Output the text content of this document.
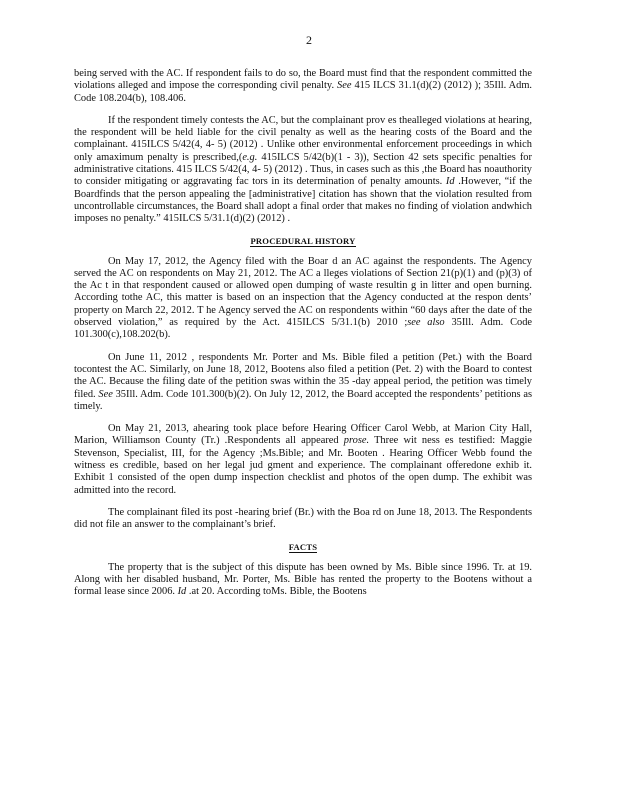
2

being served with the AC. If respondent fails to do so, the Board must find that the respondent committed the violations alleged and impose the corresponding civil penalty. See 415 ILCS 31.1(d)(2) (2012) ); 35Ill. Adm. Code 108.204(b), 108.406.

If the respondent timely contests the AC, but the complainant prov es thealleged violations at hearing, the respondent will be held liable for the civil penalty as well as the hearing costs of the Board and the complainant. 415ILCS 5/42(4, 4- 5) (2012) . Unlike other environmental enforcement proceedings in which only amaximum penalty is prescribed,(e.g. 415ILCS 5/42(b)(1 - 3)), Section 42 sets specific penalties for administrative citations. 415 ILCS 5/42(4, 4- 5) (2012) . Thus, in cases such as this ,the Board has noauthority to consider mitigating or aggravating fac tors in its determination of penalty amounts. Id .However, “if the Boardfinds that the person appealing the [administrative] citation has shown that the violation resulted from uncontrollable circumstances, the Board shall adopt a final order that makes no finding of violation andwhich imposes no penalty.” 415ILCS 5/31.1(d)(2) (2012) .

PROCEDURAL HISTORY

On May 17, 2012, the Agency filed with the Boar d an AC against the respondents. The Agency served the AC on respondents on May 21, 2012. The AC a lleges violations of Section 21(p)(1) and (p)(3) of the Ac t in that respondent caused or allowed open dumping of waste resultin g in litter and open burning. According tothe AC, this matter is based on an inspection that the Agency conducted at the respon dents’ property on March 22, 2012. T he Agency served the AC on respondents within “60 days after the date of the observed violation,” as required by the Act. 415ILCS 5/31.1(b) 2010 ;see also 35Ill. Adm. Code 101.300(c),108.202(b).

On June 11, 2012 , respondents Mr. Porter and Ms. Bible filed a petition (Pet.) with the Board tocontest the AC. Similarly, on June 18, 2012, Bootens also filed a petition (Pet. 2) with the Board to contest the AC. Because the filing date of the petition swas within the 35 -day appeal period, the petition was timely filed. See 35Ill. Adm. Code 101.300(b)(2). On July 12, 2012, the Board accepted the respondents’ petitions as timely.

On May 21, 2013, ahearing took place before Hearing Officer Carol Webb, at Marion City Hall, Marion, Williamson County (Tr.) .Respondents all appeared prose. Three wit ness es testified: Maggie Stevenson, Specialist, III, for the Agency ;Ms.Bible; and Mr. Booten . Hearing Officer Webb found the witness es credible, based on her legal jud gment and experience. The complainant offeredone exhib it. Exhibit 1 consisted of the open dump inspection checklist and photos of the open dump. The exhibit was admitted into the record.

The complainant filed its post -hearing brief (Br.) with the Boa rd on June 18, 2013. The Respondents did not file an answer to the complainant’s brief.

FACTS

The property that is the subject of this dispute has been owned by Ms. Bible since 1996. Tr. at 19. Along with her disabled husband, Mr. Porter, Ms. Bible has rented the property to the Bootens without a formal lease since 2006. Id .at 20. According toMs. Bible, the Bootens
